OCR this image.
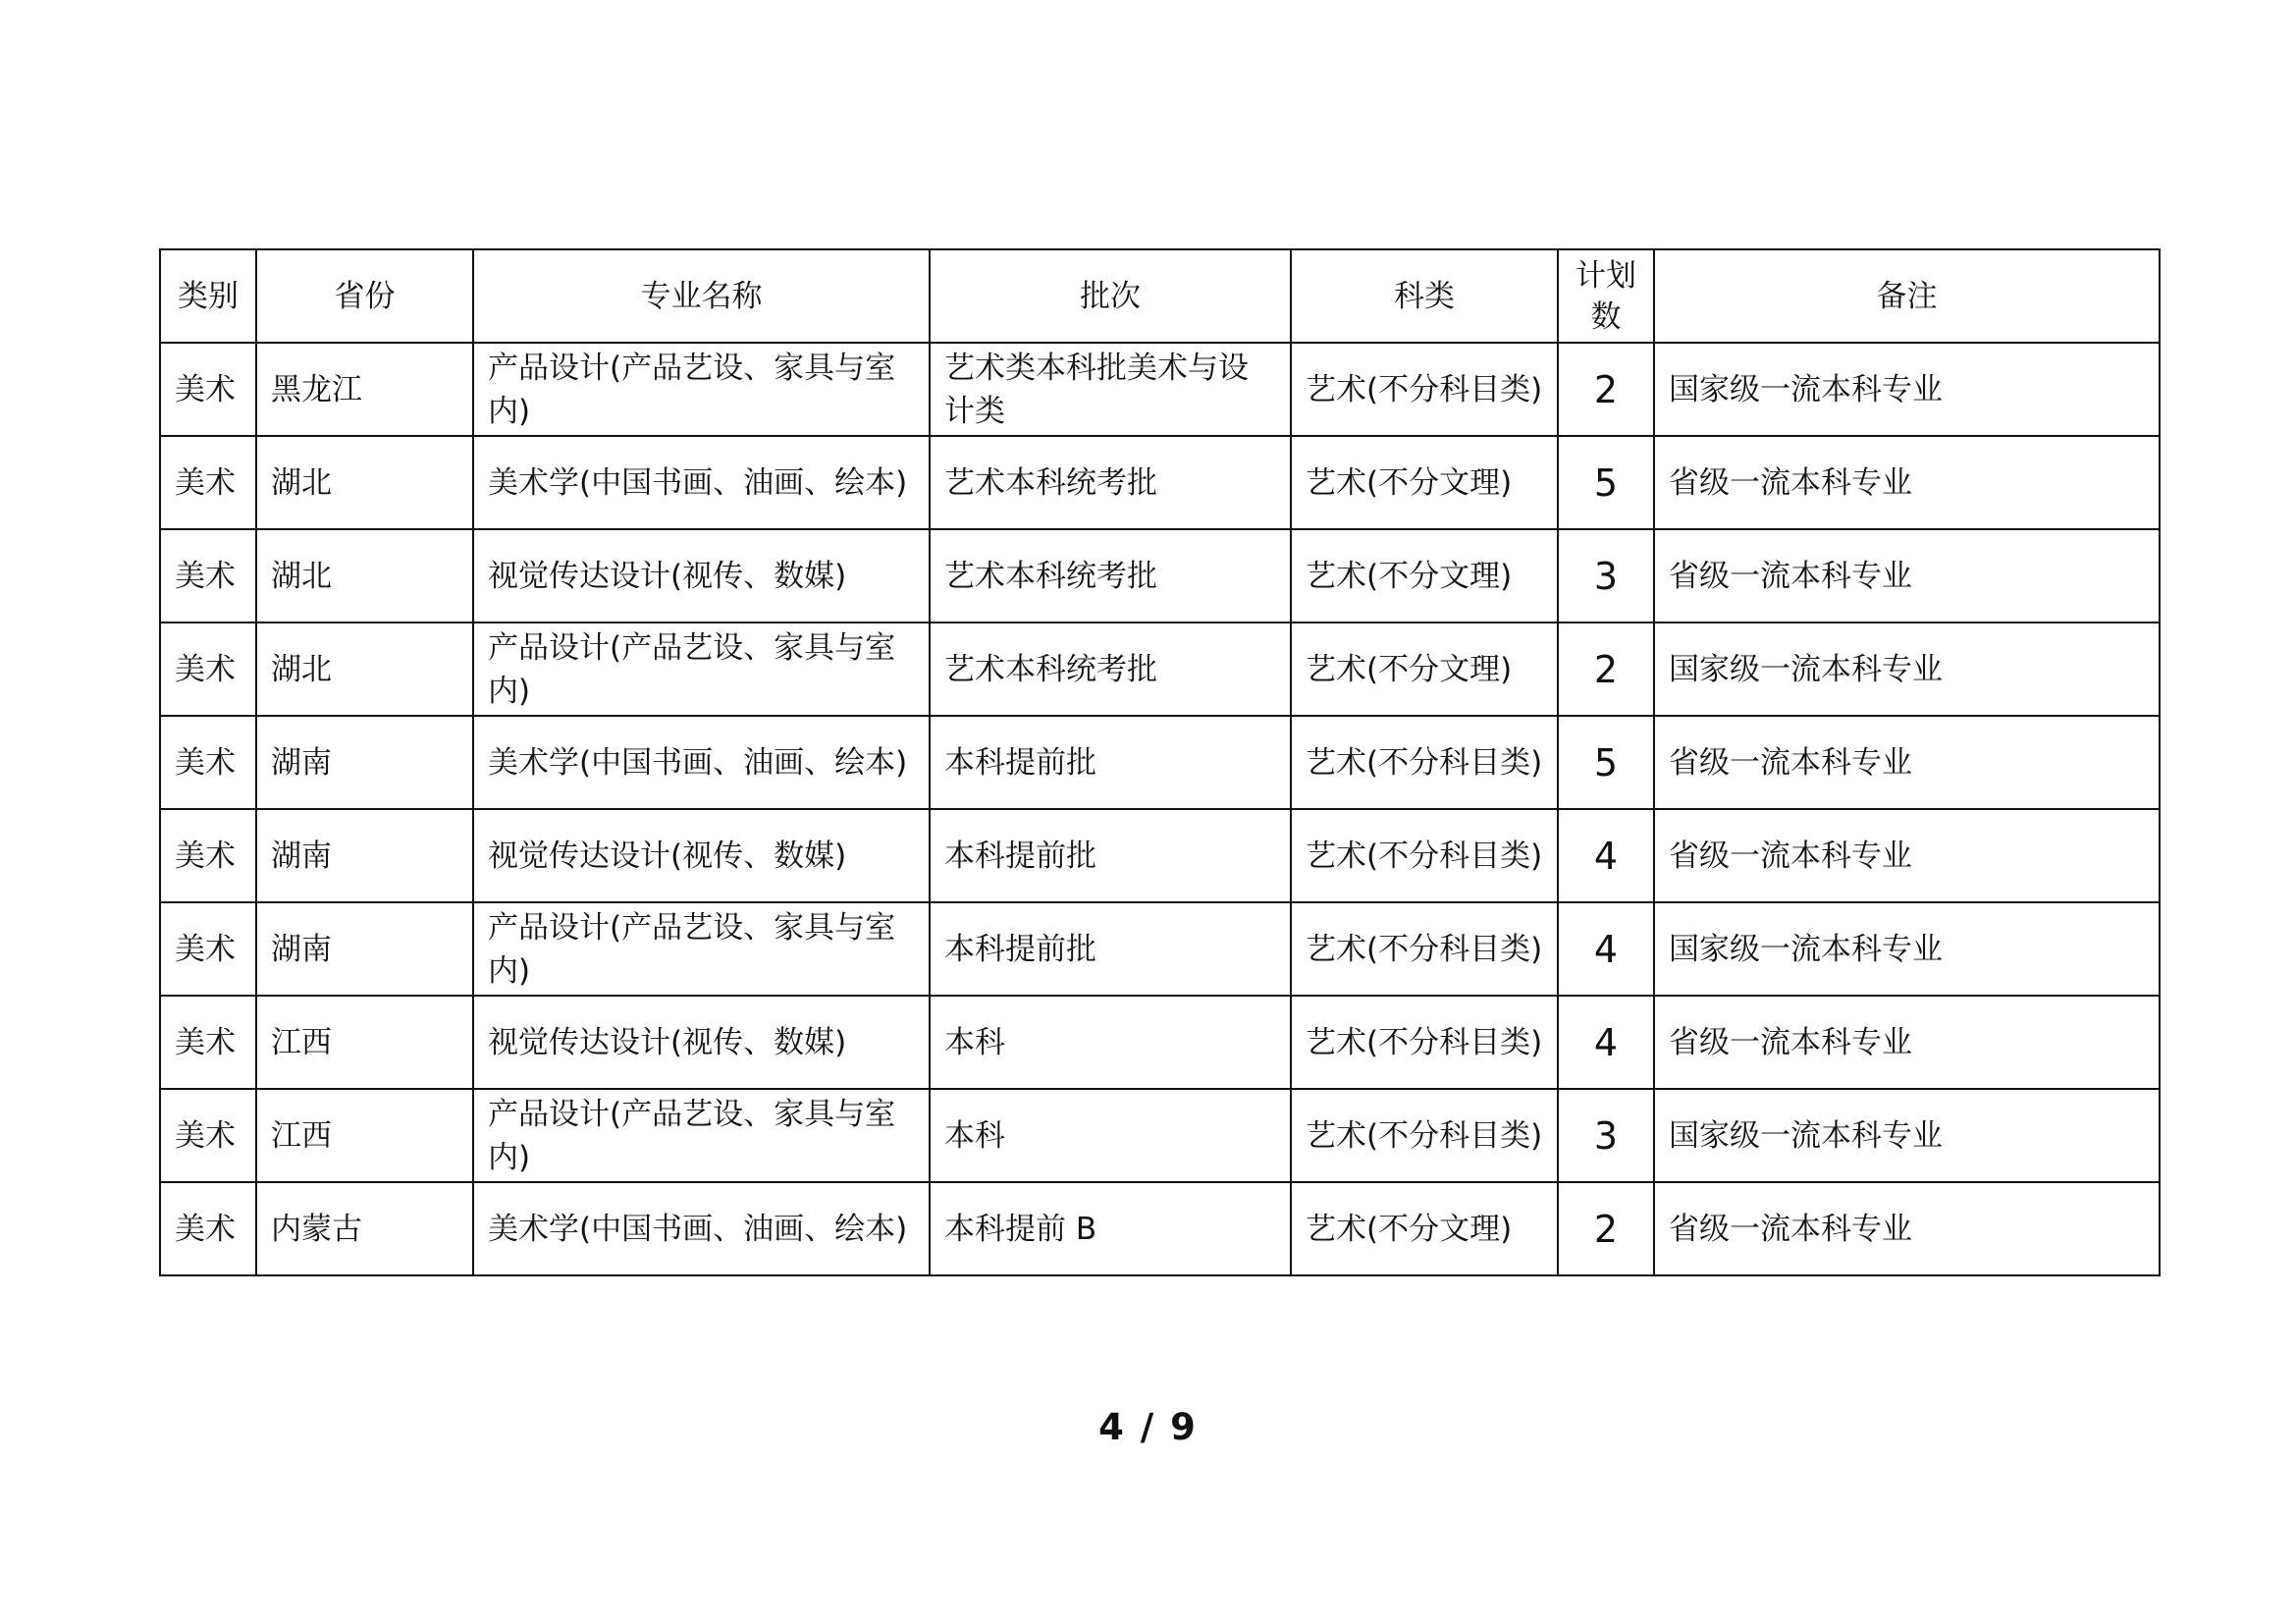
类别	省份	专业名称	批次	科类	计划数	备注
美术	黑龙江	产品设计(产品艺设、家具与室内)	艺术类本科批美术与设计类	艺术(不分科目类)	2	国家级一流本科专业
美术	湖北	美术学(中国书画、油画、绘本)	艺术本科统考批	艺术(不分文理)	5	省级一流本科专业
美术	湖北	视觉传达设计(视传、数媒)	艺术本科统考批	艺术(不分文理)	3	省级一流本科专业
美术	湖北	产品设计(产品艺设、家具与室内)	艺术本科统考批	艺术(不分文理)	2	国家级一流本科专业
美术	湖南	美术学(中国书画、油画、绘本)	本科提前批	艺术(不分科目类)	5	省级一流本科专业
美术	湖南	视觉传达设计(视传、数媒)	本科提前批	艺术(不分科目类)	4	省级一流本科专业
美术	湖南	产品设计(产品艺设、家具与室内)	本科提前批	艺术(不分科目类)	4	国家级一流本科专业
美术	江西	视觉传达设计(视传、数媒)	本科	艺术(不分科目类)	4	省级一流本科专业
美术	江西	产品设计(产品艺设、家具与室内)	本科	艺术(不分科目类)	3	国家级一流本科专业
美术	内蒙古	美术学(中国书画、油画、绘本)	本科提前 B	艺术(不分文理)	2	省级一流本科专业
4 / 9
